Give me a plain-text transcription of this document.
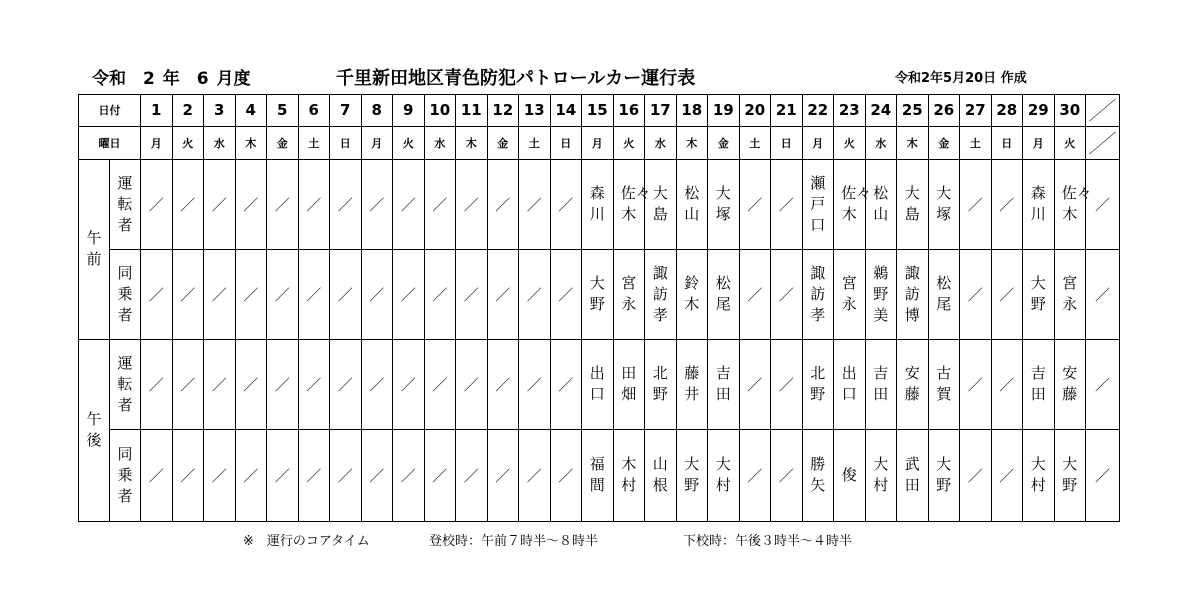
令和　2 年　6 月度	千里新田地区青色防犯パトロールカー運行表	令和2年5月20日 作成
日付		1	2	3	4	5	6	7	8	9	10	11	12	13	14	15	16	17	18	19	20	21	22	23	24	25	26	27	28	29	30	

曜日		月	火	水	木	金	土	日	月	火	水	木	金	土	日	月	火	水	木	金	土	日	月	火	水	木	金	土	日	月	火	

午前	運転者	／	／	／	／	／	／	／	／	／	／	／	／	／	／	森川	佐々木	大島	松山	大塚	／	／	瀬戸口	佐々木	松山	大島	大塚	／	／	森川	佐々木	／
	同乗者	／	／	／	／	／	／	／	／	／	／	／	／	／	／	大野	宮永	諏訪孝	鈴木	松尾	／	／	諏訪孝	宮永	鵜野美	諏訪博	松尾	／	／	大野	宮永	／
午後	運転者	／	／	／	／	／	／	／	／	／	／	／	／	／	／	出口	田畑	北野	藤井	吉田	／	／	北野	出口	吉田	安藤	古賀	／	／	吉田	安藤	／
	同乗者	／	／	／	／	／	／	／	／	／	／	／	／	／	／	福間	木村	山根	大野	大村	／	／	勝矢	俊	大村	武田	大野	／	／	大村	大野	／
※　運行のコアタイム	登校時：午前７時半～８時半	下校時：午後３時半～４時半
